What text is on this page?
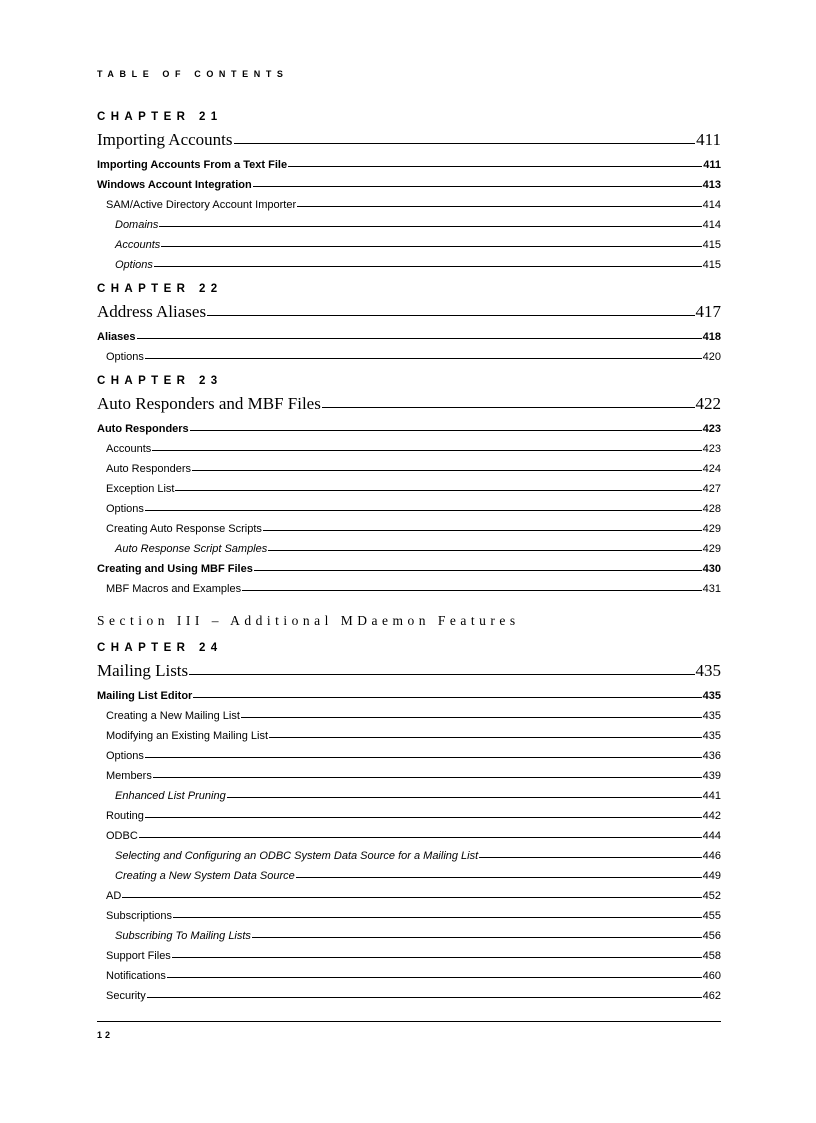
TABLE OF CONTENTS
CHAPTER 21
Importing Accounts	411
Importing Accounts From a Text File	411
Windows Account Integration	413
SAM/Active Directory Account Importer	414
Domains	414
Accounts	415
Options	415
CHAPTER 22
Address Aliases	417
Aliases	418
Options	420
CHAPTER 23
Auto Responders and MBF Files	422
Auto Responders	423
Accounts	423
Auto Responders	424
Exception List	427
Options	428
Creating Auto Response Scripts	429
Auto Response Script Samples	429
Creating and Using MBF Files	430
MBF Macros and Examples	431
Section III – Additional MDaemon Features
CHAPTER 24
Mailing Lists	435
Mailing List Editor	435
Creating a New Mailing List	435
Modifying an Existing Mailing List	435
Options	436
Members	439
Enhanced List Pruning	441
Routing	442
ODBC	444
Selecting and Configuring an ODBC System Data Source for a Mailing List	446
Creating a New System Data Source	449
AD	452
Subscriptions	455
Subscribing To Mailing Lists	456
Support Files	458
Notifications	460
Security	462
12
